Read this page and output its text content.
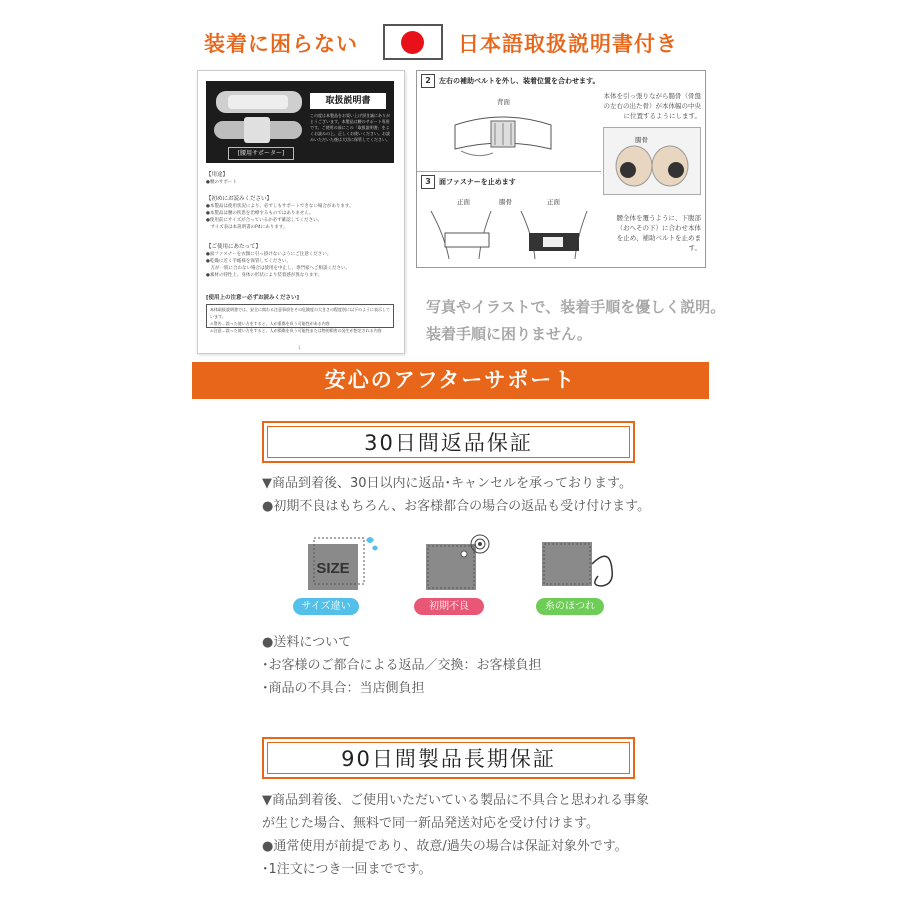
装着に困らない	日本語取扱説明書付き
取扱説明書
この度は本製品をお買い上げ頂き誠にありがとうございます。本製品は腰のサポート専用です。ご使用の前にこの「取扱説明書」をよくお読みの上、正しくお使いください。お読みいただいた後は大切に保管してください。
[腰用サポーター]
【用途】
●腰のサポート
【初めにお読みください】
●本製品は使用状況により、必ずしもサポートできない場合があります。
●本製品は腰の疾患を治療するものではありません。
●使用前にサイズが合っているか必ず確認してください。
　サイズ表は本説明書のP4にあります。
【ご使用にあたって】
●面ファスナーを衣類に引っ掛けないようにご注意ください。
●乾燥に近く手帳様を保管してください。
　万が一肌に合わない場合は使用を中止し、専門家へご相談ください。
●素材の特性上、身体の形状により装着感が異なります。
[使用上の注意ー必ずお読みください]
本体取扱説明書では、安全に関わる注意事項をその危険度の大きさの程度別に以下のように表示しています。
⚠警告…誤った使い方をすると、人が重傷を負う可能性がある内容
⚠注意…誤った使い方をすると、人が損傷を負う可能性または物的損害の発生が想定される内容
1
2	左右の補助ベルトを外し、装着位置を合わせます。
背面
本体を引っ張りながら腸骨（骨盤
の左右の出た骨）が本体幅の中央
に位置するようにします。
腸骨
3	面ファスナーを止めます
正面	腸骨	正面
腰全体を覆うように、下腹部
（おへその下）に合わせ本体
を止め、補助ベルトを止めま
す。
写真やイラストで、装着手順を優しく説明。
装着手順に困りません。
安心のアフターサポート
30日間返品保証
▼商品到着後、30日以内に返品･キャンセルを承っております。
●初期不良はもちろん、お客様都合の場合の返品も受け付けます。
SIZE
サイズ違い	初期不良	糸のほつれ
●送料について
･お客様のご都合による返品／交換：お客様負担
･商品の不具合：当店側負担
90日間製品長期保証
▼商品到着後、ご使用いただいている製品に不具合と思われる事象
が生じた場合、無料で同一新品発送対応を受け付けます。
●通常使用が前提であり、故意/過失の場合は保証対象外です。
･1注文につき一回までです。
